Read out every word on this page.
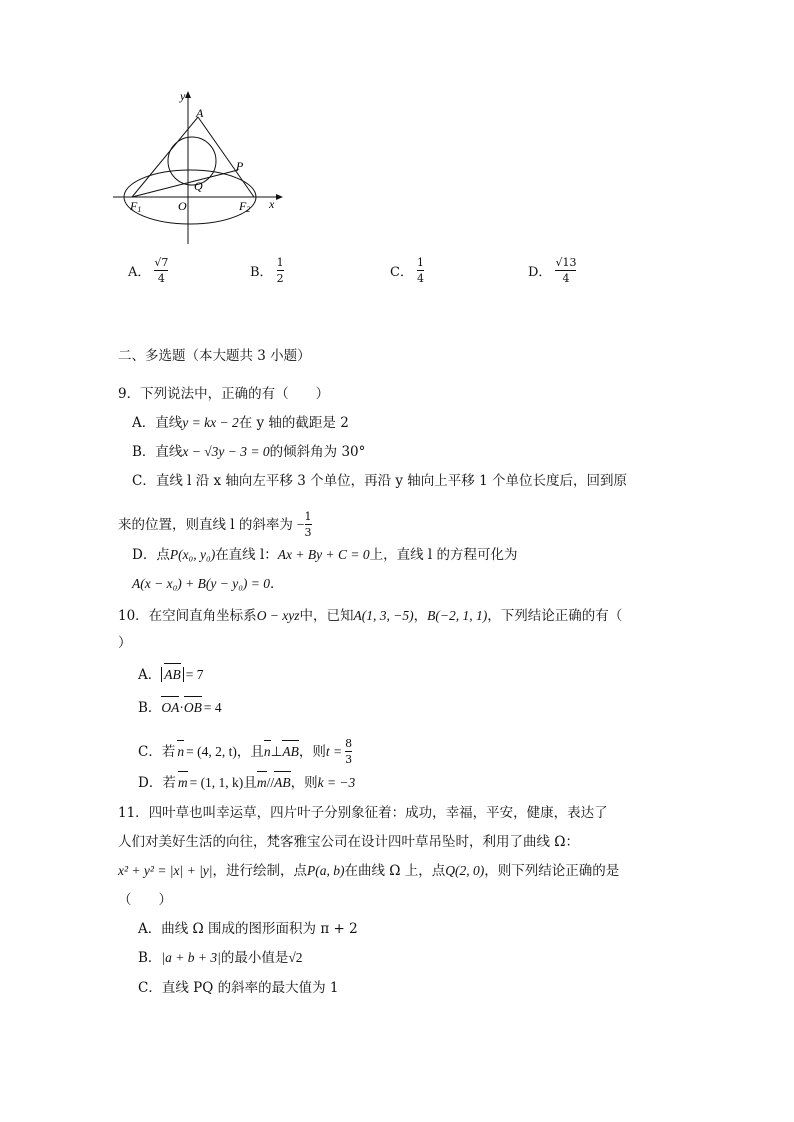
y
A
P
Q
F1	O	F2 x
A． $\frac{√7}{4}$	B． $\frac{1}{2}$	C． $\frac{1}{4}$	D． $\frac{√13}{4}$
二、多选题（本大题共 3 小题）
9．下列说法中，正确的有（　　）
A．直线y = kx − 2在 y 轴的截距是 2
B．直线x − √3y − 3 = 0的倾斜角为 30°
C．直线 l 沿 x 轴向左平移 3 个单位，再沿 y 轴向上平移 1 个单位长度后，回到原
来的位置，则直线 l 的斜率为 − $\frac{1}{3}$
D．点P(x₀, y₀)在直线 l：Ax + By + C = 0上，直线 l 的方程可化为
A(x − x₀) + B(y − y₀) = 0．
10．在空间直角坐标系O − xyz中，已知A(1, 3, −5)，B(−2, 1, 1)，下列结论正确的有（
）
A． AB = 7
B．OA·OB = 4
C．若 n = (4, 2, t) ，且 n ⊥ AB ，则 $t = \frac{8}{3}$
D．若 m = (1, 1, k)且m//AB，则k = −3
11．四叶草也叫幸运草，四片叶子分别象征着：成功，幸福，平安，健康，表达了
人们对美好生活的向往，梵客雅宝公司在设计四叶草吊坠时，利用了曲线 Ω：
x² + y² = |x| + |y|，进行绘制，点P(a, b)在曲线 Ω 上，点Q(2, 0)，则下列结论正确的是
（　　）
A．曲线 Ω 围成的图形面积为 π + 2
B．|a + b + 3|的最小值是√2
C．直线 PQ 的斜率的最大值为 1
